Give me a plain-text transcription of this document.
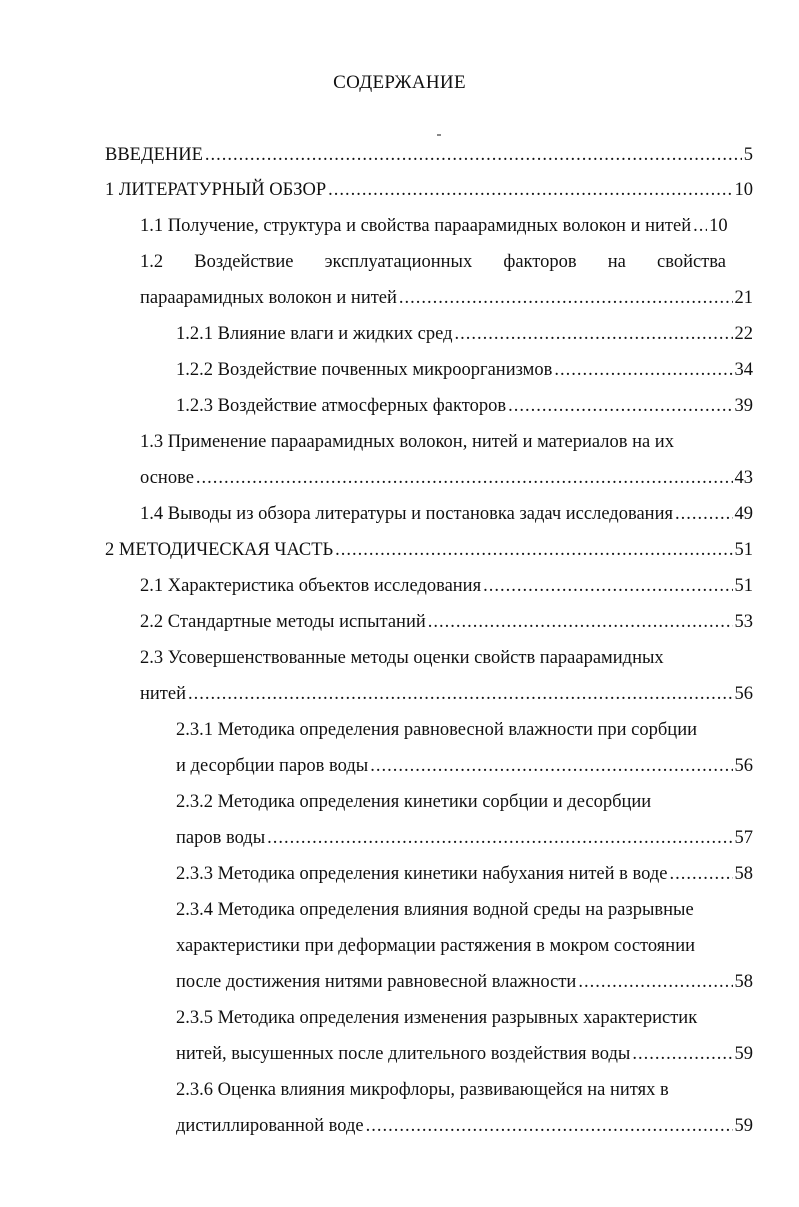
СОДЕРЖАНИЕ
ВВЕДЕНИЕ .....	5
1 ЛИТЕРАТУРНЫЙ ОБЗОР .....	10
1.1 Получение, структура и свойства параарамидных волокон и нитей ..... 10
1.2 Воздействие эксплуатационных факторов на свойства
параарамидных волокон и нитей .....	21
1.2.1 Влияние влаги и жидких сред .....	22
1.2.2 Воздействие почвенных микроорганизмов .....	34
1.2.3 Воздействие атмосферных факторов .....	39
1.3 Применение параарамидных волокон, нитей и материалов на их
основе .....	43
1.4 Выводы из обзора литературы и постановка задач исследования .....	49
2 МЕТОДИЧЕСКАЯ ЧАСТЬ .....	51
2.1 Характеристика объектов исследования .....	51
2.2 Стандартные методы испытаний .....	53
2.3 Усовершенствованные методы оценки свойств параарамидных
нитей .....	56
2.3.1 Методика определения равновесной влажности при сорбции
и десорбции паров воды .....	56
2.3.2 Методика определения кинетики сорбции и десорбции
паров воды .....	57
2.3.3 Методика определения кинетики набухания нитей в воде .....	58
2.3.4 Методика определения влияния водной среды на разрывные
характеристики при деформации растяжения в мокром состоянии
после достижения нитями равновесной влажности .....	58
2.3.5 Методика определения изменения разрывных характеристик
нитей, высушенных после длительного воздействия воды .....	59
2.3.6 Оценка влияния микрофлоры, развивающейся на нитях в
дистиллированной воде .....	59
